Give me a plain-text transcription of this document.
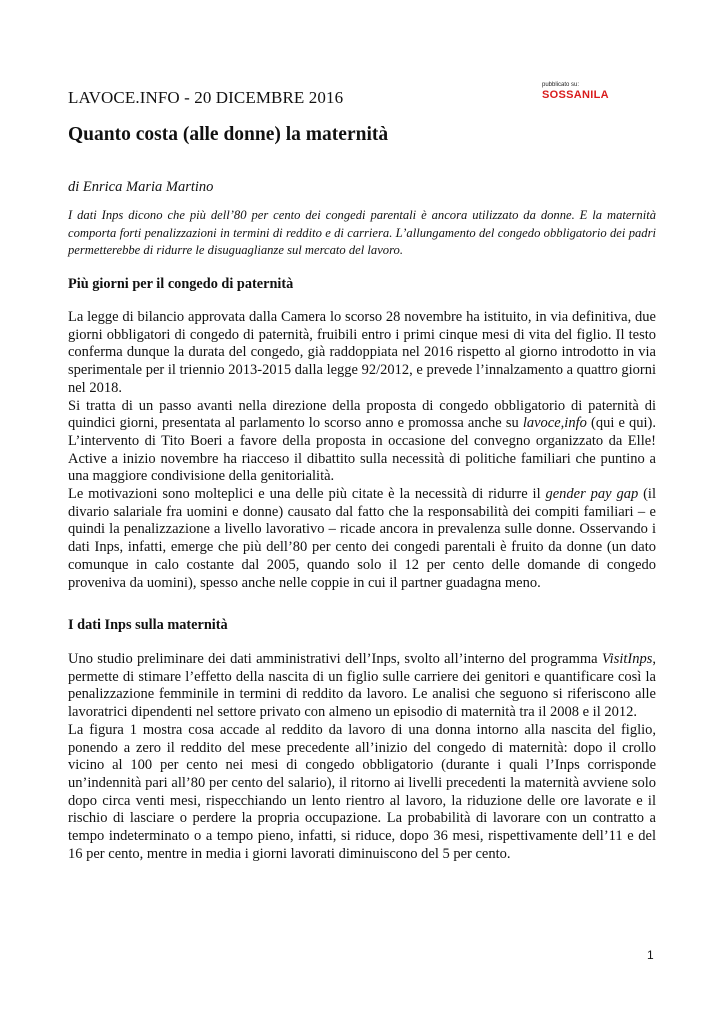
LAVOCE.INFO - 20 DICEMBRE 2016
pubblicato su:
SOSSANILA
Quanto costa (alle donne) la maternità
di Enrica Maria Martino

I dati Inps dicono che più dell’80 per cento dei congedi parentali è ancora utilizzato da donne. E la maternità comporta forti penalizzazioni in termini di reddito e di carriera. L’allungamento del congedo obbligatorio dei padri permetterebbe di ridurre le disuguaglianze sul mercato del lavoro.

Più giorni per il congedo di paternità

La legge di bilancio approvata dalla Camera lo scorso 28 novembre ha istituito, in via definitiva, due giorni obbligatori di congedo di paternità, fruibili entro i primi cinque mesi di vita del figlio. Il testo conferma dunque la durata del congedo, già raddoppiata nel 2016 rispetto al giorno introdotto in via sperimentale per il triennio 2013-2015 dalla legge 92/2012, e prevede l’innalzamento a quattro giorni nel 2018.

Si tratta di un passo avanti nella direzione della proposta di congedo obbligatorio di paternità di quindici giorni, presentata al parlamento lo scorso anno e promossa anche su lavoce,info (qui e qui). L’intervento di Tito Boeri a favore della proposta in occasione del convegno organizzato da Elle! Active a inizio novembre ha riacceso il dibattito sulla necessità di politiche familiari che puntino a una maggiore condivisione della genitorialità.

Le motivazioni sono molteplici e una delle più citate è la necessità di ridurre il gender pay gap (il divario salariale fra uomini e donne) causato dal fatto che la responsabilità dei compiti familiari – e quindi la penalizzazione a livello lavorativo – ricade ancora in prevalenza sulle donne. Osservando i dati Inps, infatti, emerge che più dell’80 per cento dei congedi parentali è fruito da donne (un dato comunque in calo costante dal 2005, quando solo il 12 per cento delle domande di congedo proveniva da uomini), spesso anche nelle coppie in cui il partner guadagna meno.

I dati Inps sulla maternità

Uno studio preliminare dei dati amministrativi dell’Inps, svolto all’interno del programma VisitInps, permette di stimare l’effetto della nascita di un figlio sulle carriere dei genitori e quantificare così la penalizzazione femminile in termini di reddito da lavoro. Le analisi che seguono si riferiscono alle lavoratrici dipendenti nel settore privato con almeno un episodio di maternità tra il 2008 e il 2012.

La figura 1 mostra cosa accade al reddito da lavoro di una donna intorno alla nascita del figlio, ponendo a zero il reddito del mese precedente all’inizio del congedo di maternità: dopo il crollo vicino al 100 per cento nei mesi di congedo obbligatorio (durante i quali l’Inps corrisponde un’indennità pari all’80 per cento del salario), il ritorno ai livelli precedenti la maternità avviene solo dopo circa venti mesi, rispecchiando un lento rientro al lavoro, la riduzione delle ore lavorate e il rischio di lasciare o perdere la propria occupazione. La probabilità di lavorare con un contratto a tempo indeterminato o a tempo pieno, infatti, si riduce, dopo 36 mesi, rispettivamente dell’11 e del 16 per cento, mentre in media i giorni lavorati diminuiscono del 5 per cento.

1
